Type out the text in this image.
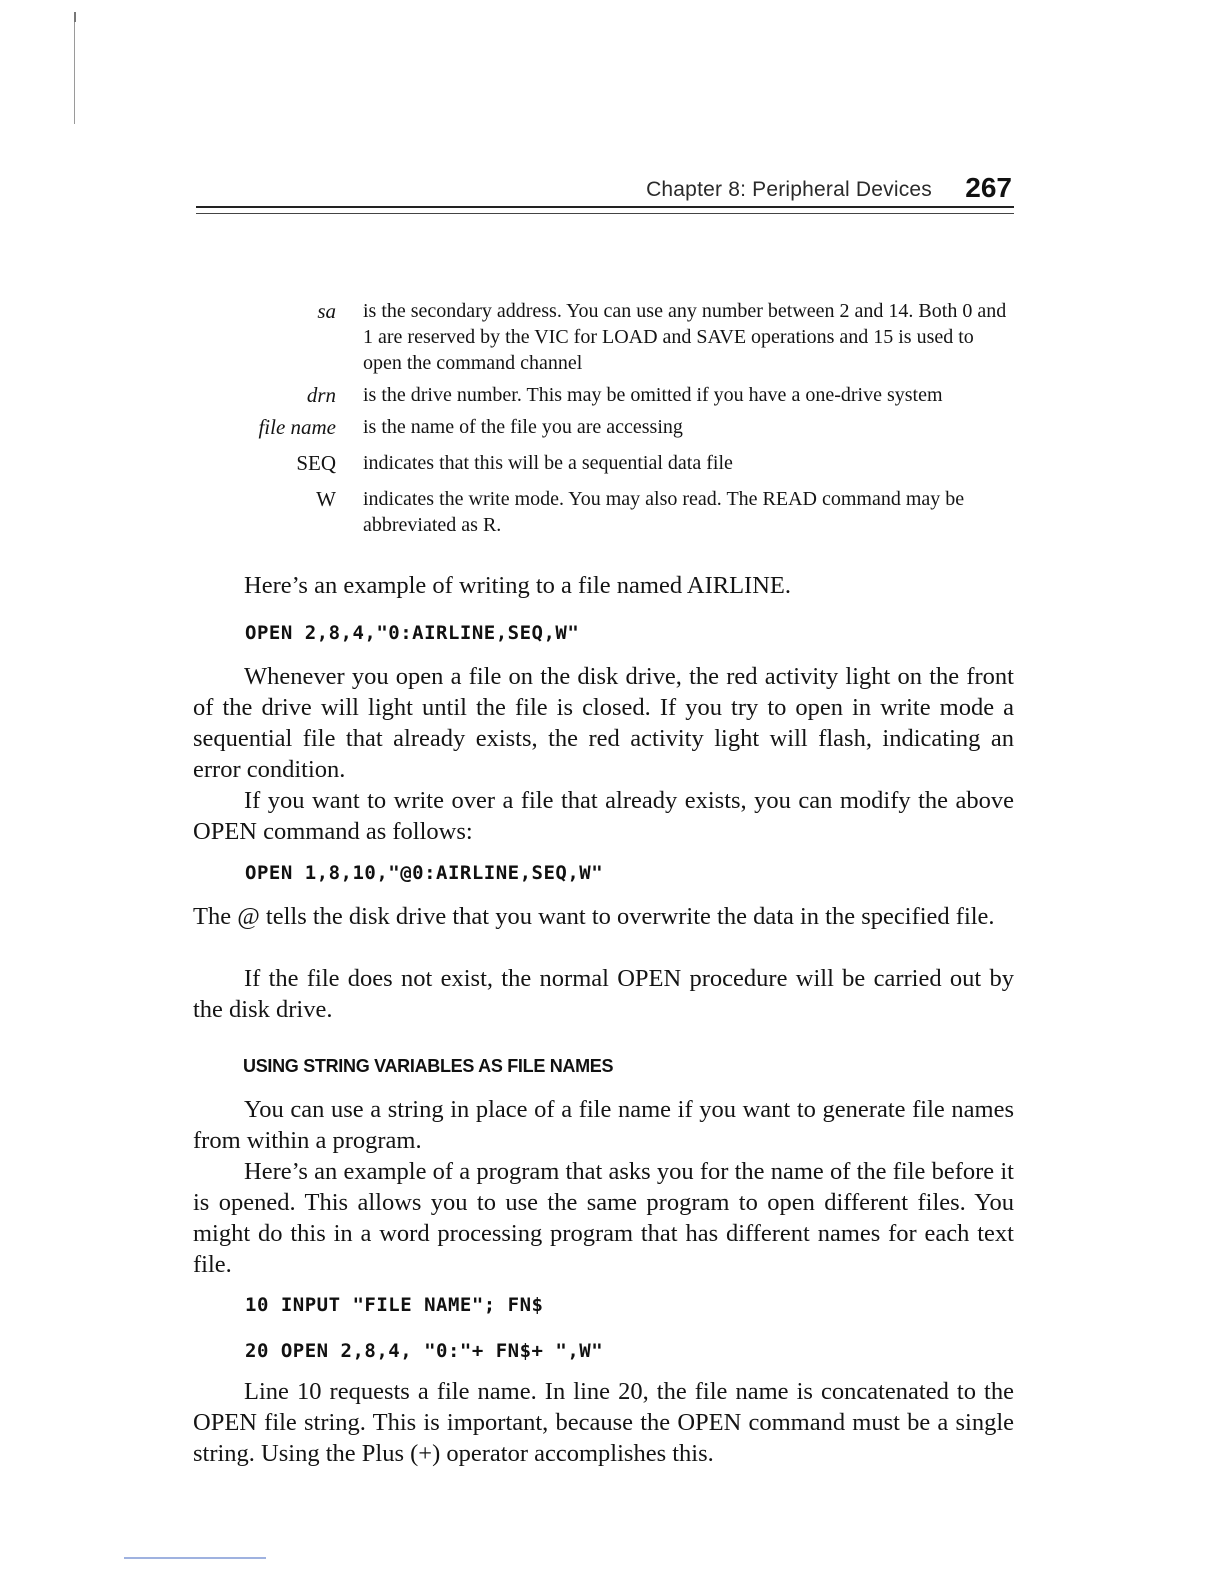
Chapter 8: Peripheral Devices 267
sa is the secondary address. You can use any number between 2 and 14. Both 0 and 1 are reserved by the VIC for LOAD and SAVE operations and 15 is used to open the command channel
drn is the drive number. This may be omitted if you have a one-drive system
file name is the name of the file you are accessing
SEQ indicates that this will be a sequential data file
W indicates the write mode. You may also read. The READ command may be abbreviated as R.
Here’s an example of writing to a file named AIRLINE.
OPEN 2,8,4,"0:AIRLINE,SEQ,W"
Whenever you open a file on the disk drive, the red activity light on the front of the drive will light until the file is closed. If you try to open in write mode a sequential file that already exists, the red activity light will flash, indicating an error condition.
If you want to write over a file that already exists, you can modify the above OPEN command as follows:
OPEN 1,8,10,"@0:AIRLINE,SEQ,W"
The @ tells the disk drive that you want to overwrite the data in the specified file.
If the file does not exist, the normal OPEN procedure will be carried out by the disk drive.
USING STRING VARIABLES AS FILE NAMES
You can use a string in place of a file name if you want to generate file names from within a program.
Here’s an example of a program that asks you for the name of the file before it is opened. This allows you to use the same program to open different files. You might do this in a word processing program that has different names for each text file.
10 INPUT "FILE NAME"; FN$
20 OPEN 2,8,4, "0:"+ FN$+ ",W"
Line 10 requests a file name. In line 20, the file name is concatenated to the OPEN file string. This is important, because the OPEN command must be a single string. Using the Plus (+) operator accomplishes this.
